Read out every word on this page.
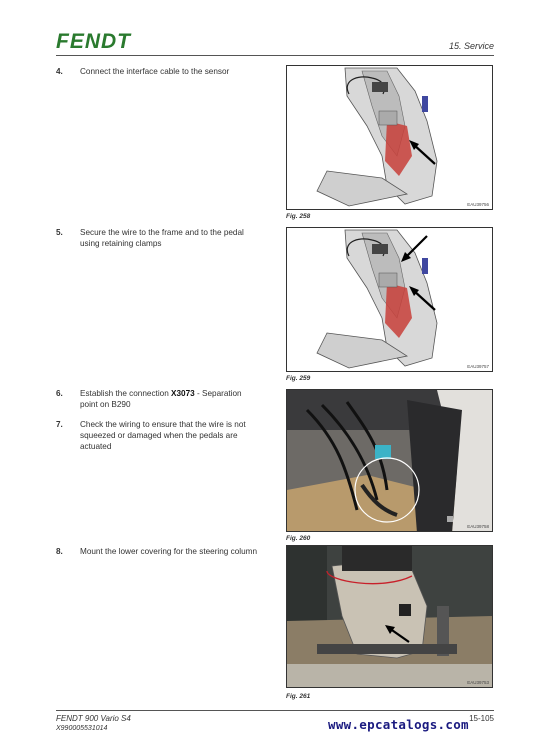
FENDT	15. Service
4. Connect the interface cable to the sensor
EAU39756
Fig. 258
5. Secure the wire to the frame and to the pedal using retaining clamps
EAU39757
Fig. 259
6. Establish the connection X3073 - Separation point on B290
7. Check the wiring to ensure that the wire is not squeezed or damaged when the pedals are actuated
EAU39758
Fig. 260
8. Mount the lower covering for the steering column
EAU39753
Fig. 261
FENDT 900 Vario S4
X990005531014
15-105
www.epcatalogs.com
